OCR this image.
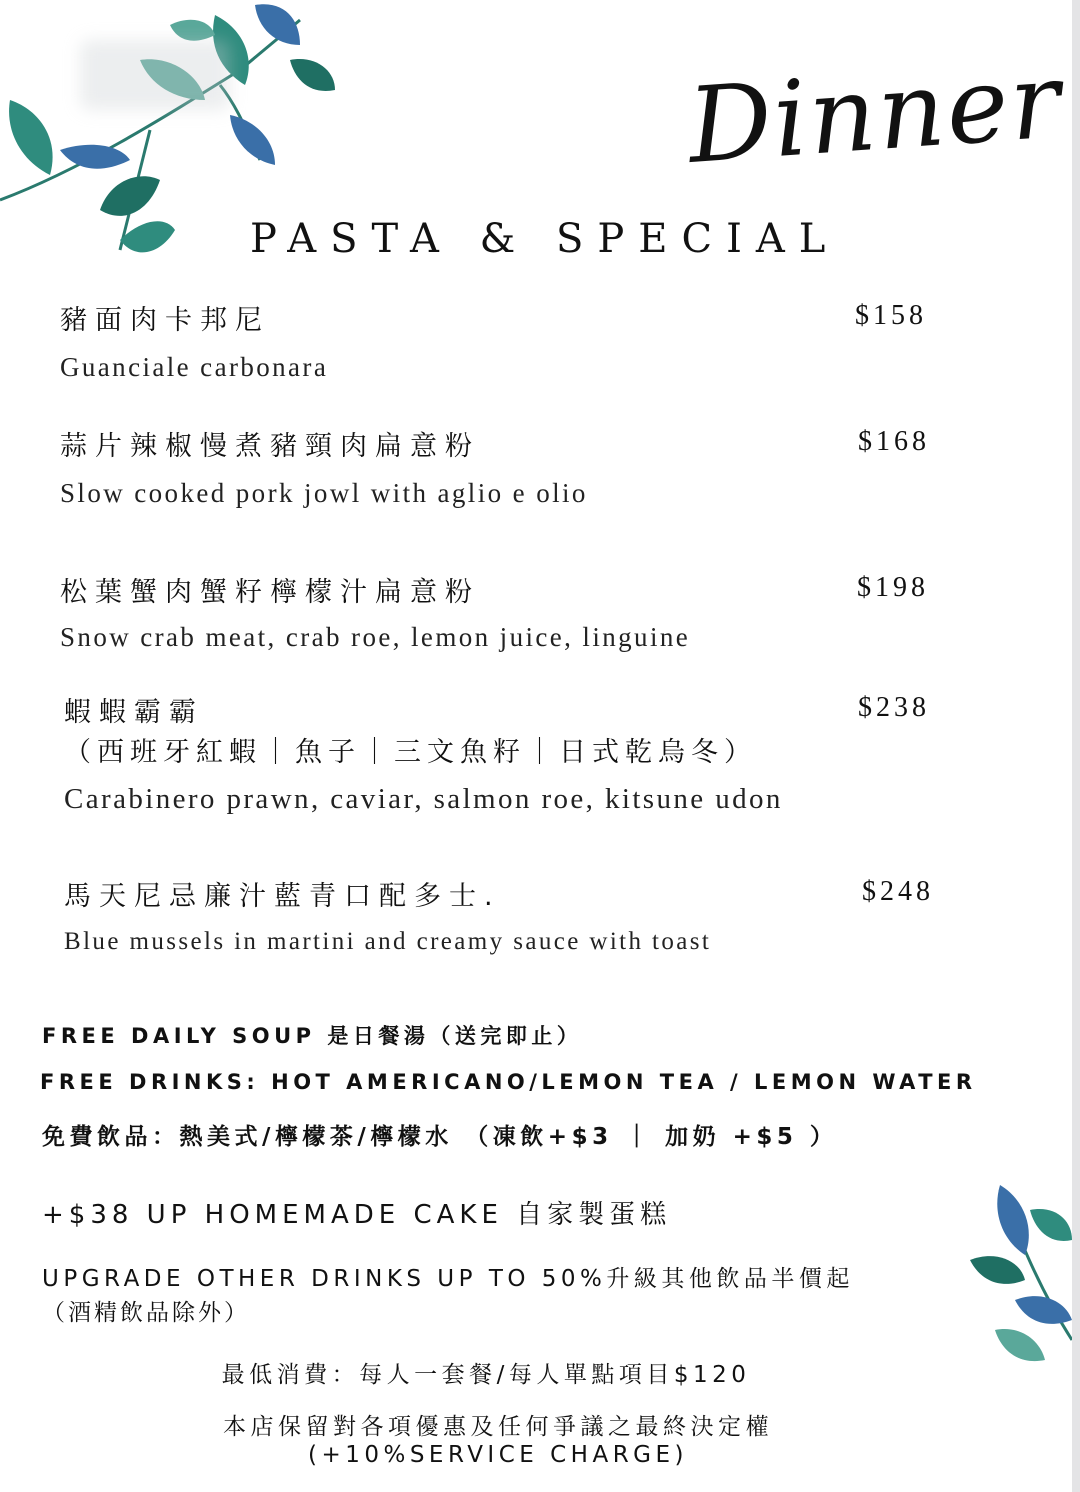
Dinner
PASTA & SPECIAL
豬面肉卡邦尼	$158
Guanciale carbonara
蒜片辣椒慢煮豬頸肉扁意粉	$168
Slow cooked pork jowl with aglio e olio
松葉蟹肉蟹籽檸檬汁扁意粉	$198
Snow crab meat, crab roe, lemon juice, linguine
蝦蝦霸霸	$238
（西班牙紅蝦｜魚子｜三文魚籽｜日式乾烏冬）
Carabinero prawn, caviar, salmon roe, kitsune udon
馬天尼忌廉汁藍青口配多士.	$248
Blue mussels in martini and creamy sauce with toast
FREE DAILY SOUP 是日餐湯（送完即止）
FREE DRINKS: HOT AMERICANO/LEMON TEA / LEMON WATER
免費飲品：熱美式/檸檬茶/檸檬水 （凍飲+$3 ｜ 加奶 +$5 ）
+$38 UP HOMEMADE CAKE 自家製蛋糕
UPGRADE OTHER DRINKS UP TO 50%升級其他飲品半價起
（酒精飲品除外）
最低消費：每人一套餐/每人單點項目$120
本店保留對各項優惠及任何爭議之最終決定權
(+10%SERVICE CHARGE)
